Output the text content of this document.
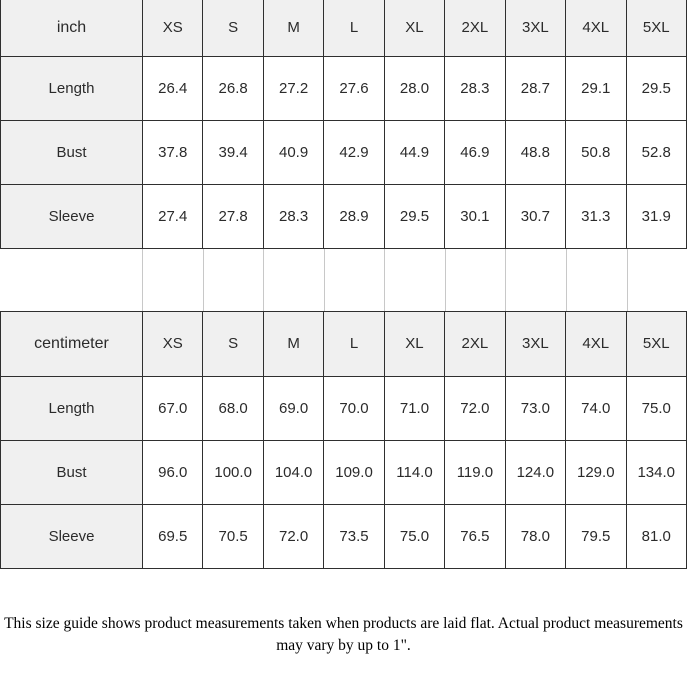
inch	XS	S	M	L	XL	2XL	3XL	4XL	5XL
Length	26.4	26.8	27.2	27.6	28.0	28.3	28.7	29.1	29.5
Bust	37.8	39.4	40.9	42.9	44.9	46.9	48.8	50.8	52.8
Sleeve	27.4	27.8	28.3	28.9	29.5	30.1	30.7	31.3	31.9
centimeter	XS	S	M	L	XL	2XL	3XL	4XL	5XL
Length	67.0	68.0	69.0	70.0	71.0	72.0	73.0	74.0	75.0
Bust	96.0	100.0	104.0	109.0	114.0	119.0	124.0	129.0	134.0
Sleeve	69.5	70.5	72.0	73.5	75.0	76.5	78.0	79.5	81.0

This size guide shows product measurements taken when products are laid flat. Actual product measurements may vary by up to 1".
